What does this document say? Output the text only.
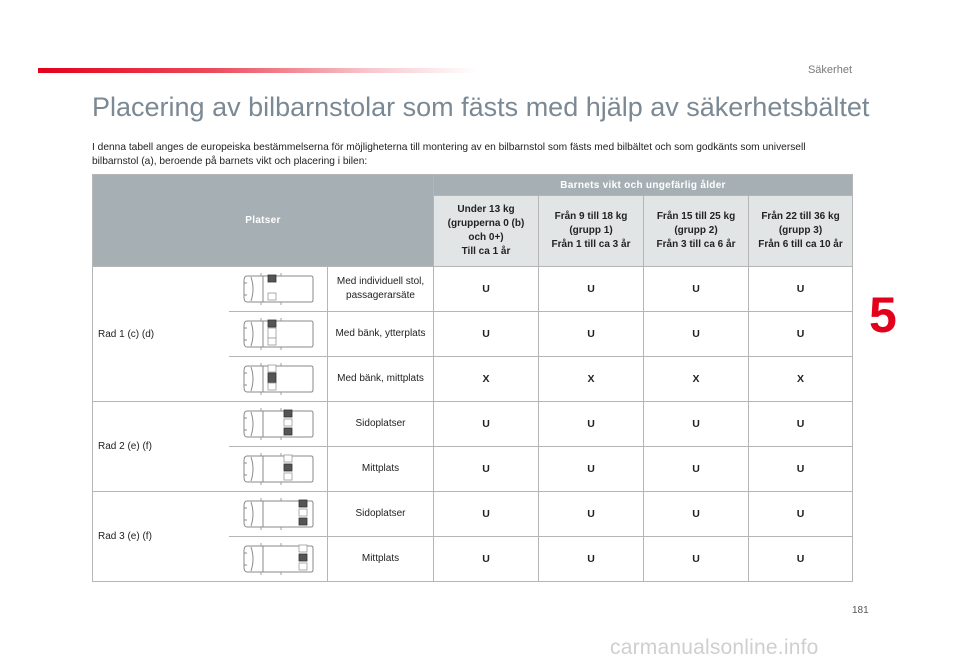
Säkerhet
Placering av bilbarnstolar som fästs med hjälp av säkerhetsbältet
I denna tabell anges de europeiska bestämmelserna för möjligheterna till montering av en bilbarnstol som fästs med bilbältet och som godkänts som universell bilbarnstol (a), beroende på barnets vikt och placering i bilen:
5
181
carmanualsonline.info
Platser			Barnets vikt och ungefärlig ålder			
			Under 13 kg
(grupperna 0 (b)
och 0+)
Till ca 1 år	Från 9 till 18 kg
(grupp 1)
Från 1 till ca 3 år	Från 15 till 25 kg
(grupp 2)
Från 3 till ca 6 år	Från 22 till 36 kg
(grupp 3)
Från 6 till ca 10 år
Rad 1 (c) (d)		Med individuell stol, passagerarsäte	U	U	U	U

	Med bänk, ytterplats	U	U	U	U

	Med bänk, mittplats	X	X	X	X
Rad 2 (e) (f)		Sidoplatser	U	U	U	U

	Mittplats	U	U	U	U
Rad 3 (e) (f)		Sidoplatser	U	U	U	U

	Mittplats	U	U	U	U
